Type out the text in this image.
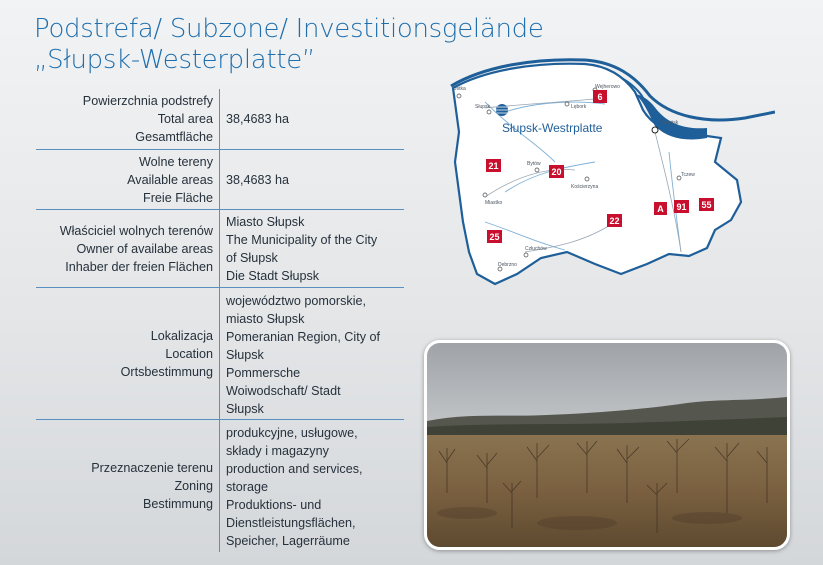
Podstrefa/ Subzone/ Investitionsgelände
„Słupsk-Westerplatte”
Powierzchnia podstrefy
Total area
Gesamtfläche
38,4683 ha
Wolne tereny
Available areas
Freie Fläche
38,4683 ha
Właściciel wolnych terenów
Owner of availabe areas
Inhaber der freien Flächen
Miasto Słupsk
The Municipality of the City
of Słupsk
Die Stadt Słupsk
Lokalizacja
Location
Ortsbestimmung
województwo pomorskie,
miasto Słupsk
Pomeranian Region, City of
Słupsk
Pommersche
Woiwodschaft/ Stadt
Słupsk
Przeznaczenie terenu
Zoning
Bestimmung
produkcyjne, usługowe,
składy i magazyny
production and services,
storage
Produktions- und
Dienstleistungsflächen,
Speicher, Lagerräume
Słupsk-Westrplatte
Ustka
Słupsk	Lębork
Wejherowo
Gdańsk
Bytów
Kościerzyna
Miastko
Tczew
Człuchów
Debrzno
6
21
20
22
A 91 55
25
